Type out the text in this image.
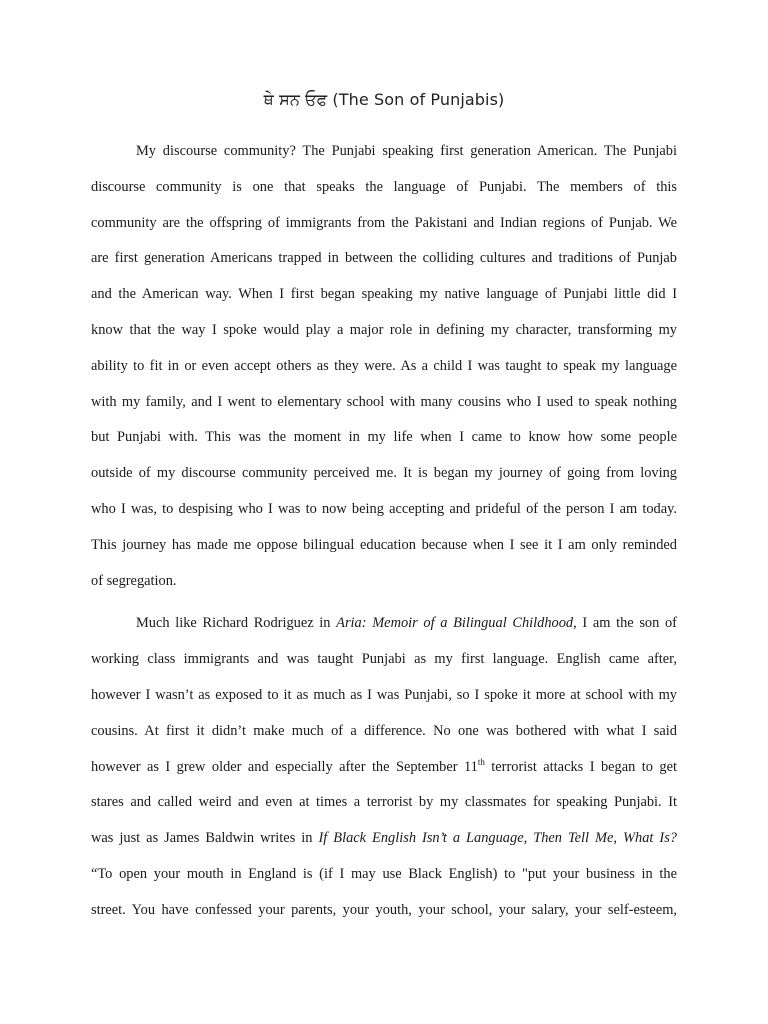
ਥੇ ਸਨ ਓਫ (The Son of Punjabis)
My discourse community? The Punjabi speaking first generation American. The Punjabi
discourse community is one that speaks the language of Punjabi. The members of this
community are the offspring of immigrants from the Pakistani and Indian regions of Punjab. We
are first generation Americans trapped in between the colliding cultures and traditions of Punjab
and the American way. When I first began speaking my native language of Punjabi little did I
know that the way I spoke would play a major role in defining my character, transforming my
ability to fit in or even accept others as they were. As a child I was taught to speak my language
with my family, and I went to elementary school with many cousins who I used to speak nothing
but Punjabi with. This was the moment in my life when I came to know how some people
outside of my discourse community perceived me. It is began my journey of going from loving
who I was, to despising who I was to now being accepting and prideful of the person I am today.
This journey has made me oppose bilingual education because when I see it I am only reminded
of segregation.
Much like Richard Rodriguez in Aria: Memoir of a Bilingual Childhood, I am the son of
working class immigrants and was taught Punjabi as my first language. English came after,
however I wasn’t as exposed to it as much as I was Punjabi, so I spoke it more at school with my
cousins. At first it didn’t make much of a difference. No one was bothered with what I said
however as I grew older and especially after the September 11th terrorist attacks I began to get
stares and called weird and even at times a terrorist by my classmates for speaking Punjabi. It
was just as James Baldwin writes in If Black English Isn’t a Language, Then Tell Me, What Is?
“To open your mouth in England is (if I may use Black English) to "put your business in the
street. You have confessed your parents, your youth, your school, your salary, your self-esteem,
